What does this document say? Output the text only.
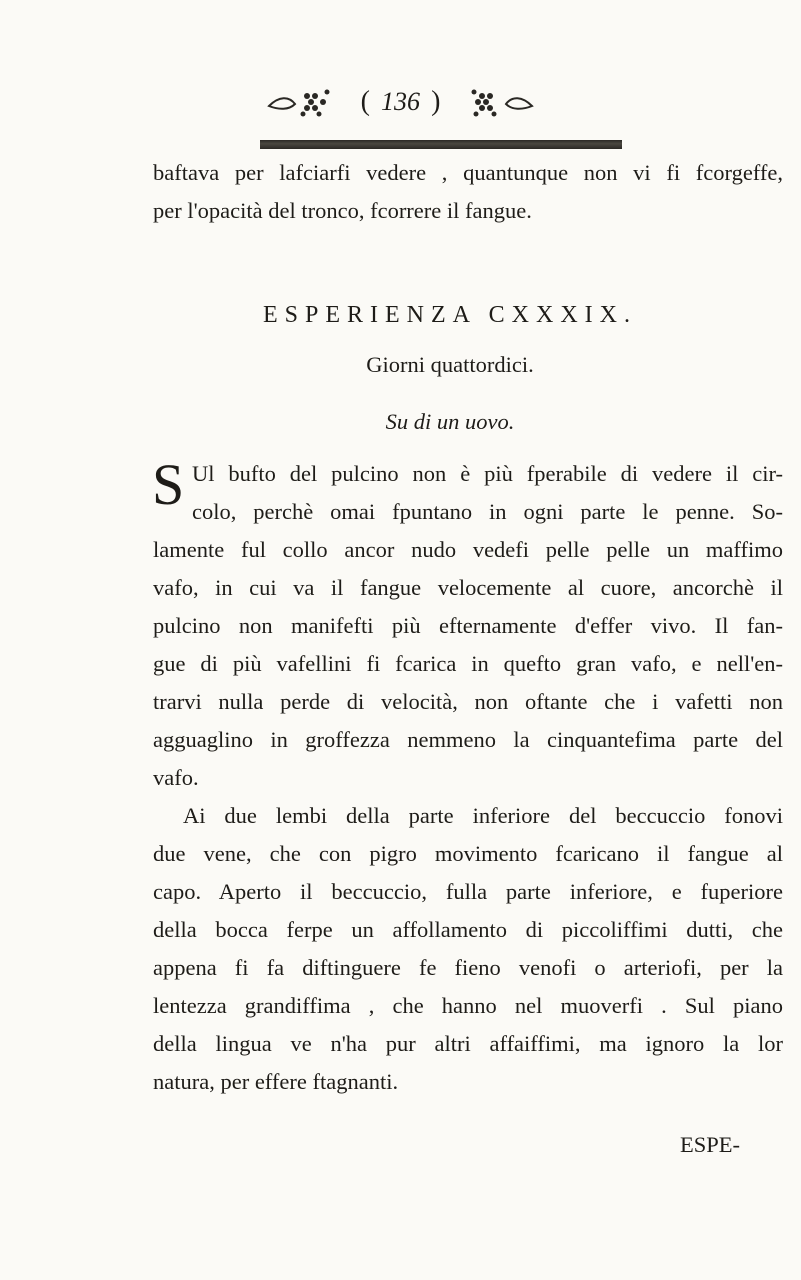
( 136 )
baftava per lafciarfi vedere , quantunque non vi fi fcorgeffe,
per l'opacità del tronco, fcorrere il fangue.
ESPERIENZA CXXXIX.
Giorni quattordici.
Su di un uovo.
S Ul bufto del pulcino non è più fperabile di vedere il cir-
colo, perchè omai fpuntano in ogni parte le penne. So-
lamente ful collo ancor nudo vedefi pelle pelle un maffimo
vafo, in cui va il fangue velocemente al cuore, ancorchè il
pulcino non manifefti più efternamente d'effer vivo. Il fan-
gue di più vafellini fi fcarica in quefto gran vafo, e nell'en-
trarvi nulla perde di velocità, non oftante che i vafetti non
agguaglino in groffezza nemmeno la cinquantefima parte del
vafo.
Ai due lembi della parte inferiore del beccuccio fonovi
due vene, che con pigro movimento fcaricano il fangue al
capo. Aperto il beccuccio, fulla parte inferiore, e fuperiore
della bocca ferpe un affollamento di piccoliffimi dutti, che
appena fi fa diftinguere fe fieno venofi o arteriofi, per la
lentezza grandiffima , che hanno nel muoverfi . Sul piano
della lingua ve n'ha pur altri affaiffimi, ma ignoro la lor
natura, per effere ftagnanti.
ESPE-
